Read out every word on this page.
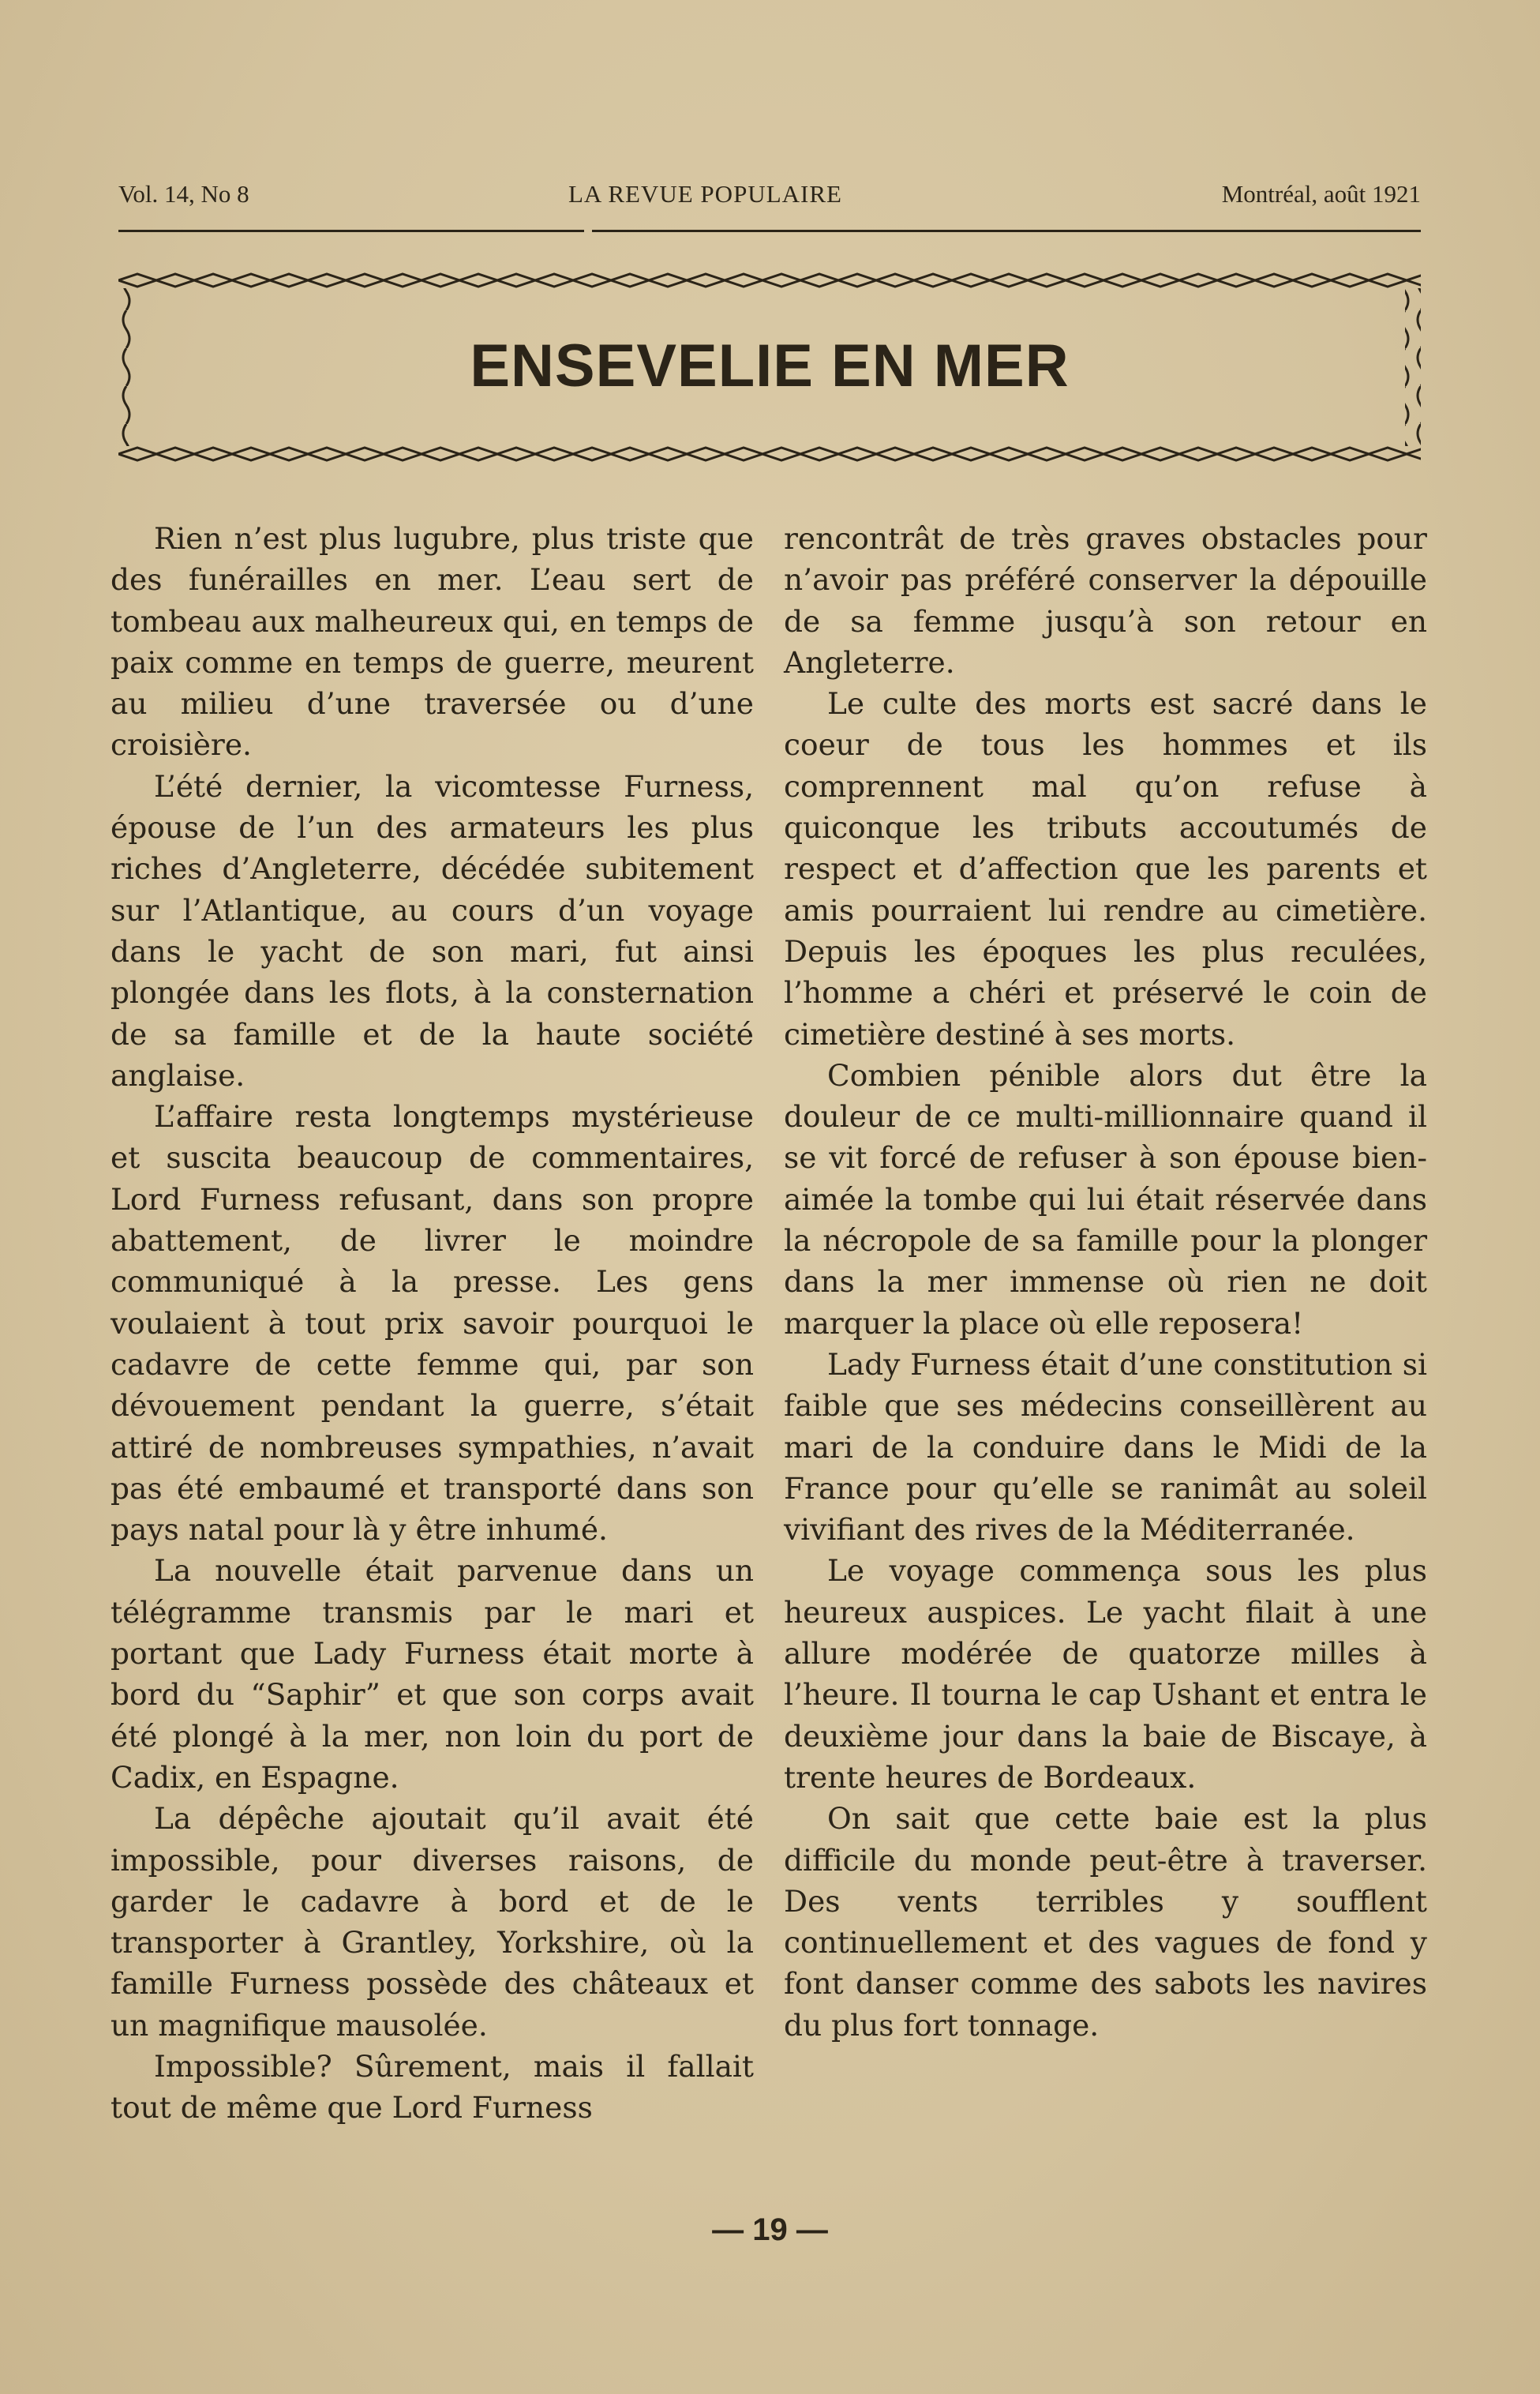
Vol. 14, No 8	LA REVUE POPULAIRE	Montréal, août 1921
ENSEVELIE EN MER

Rien n’est plus lugubre, plus triste que des funérailles en mer. L’eau sert de tombeau aux malheureux qui, en temps de paix comme en temps de guerre, meurent au milieu d’une traversée ou d’une croisière.

L’été dernier, la vicomtesse Furness, épouse de l’un des armateurs les plus riches d’Angleterre, décédée subitement sur l’Atlantique, au cours d’un voyage dans le yacht de son mari, fut ainsi plongée dans les flots, à la consternation de sa famille et de la haute société anglaise.

L’affaire resta longtemps mystérieuse et suscita beaucoup de commentaires, Lord Furness refusant, dans son propre abattement, de livrer le moindre communiqué à la presse. Les gens voulaient à tout prix savoir pourquoi le cadavre de cette femme qui, par son dévouement pendant la guerre, s’était attiré de nombreuses sympathies, n’avait pas été embaumé et transporté dans son pays natal pour là y être inhumé.

La nouvelle était parvenue dans un télégramme transmis par le mari et portant que Lady Furness était morte à bord du “Saphir” et que son corps avait été plongé à la mer, non loin du port de Cadix, en Espagne.

La dépêche ajoutait qu’il avait été impossible, pour diverses raisons, de garder le cadavre à bord et de le transporter à Grantley, Yorkshire, où la famille Furness possède des châteaux et un magnifique mausolée.

Impossible? Sûrement, mais il fallait tout de même que Lord Furness

rencontrât de très graves obstacles pour n’avoir pas préféré conserver la dépouille de sa femme jusqu’à son retour en Angleterre.

Le culte des morts est sacré dans le coeur de tous les hommes et ils comprennent mal qu’on refuse à quiconque les tributs accoutumés de respect et d’affection que les parents et amis pourraient lui rendre au cimetière. Depuis les époques les plus reculées, l’homme a chéri et préservé le coin de cimetière destiné à ses morts.

Combien pénible alors dut être la douleur de ce multi-millionnaire quand il se vit forcé de refuser à son épouse bien-aimée la tombe qui lui était réservée dans la nécropole de sa famille pour la plonger dans la mer immense où rien ne doit marquer la place où elle reposera!

Lady Furness était d’une constitution si faible que ses médecins conseillèrent au mari de la conduire dans le Midi de la France pour qu’elle se ranimât au soleil vivifiant des rives de la Méditerranée.

Le voyage commença sous les plus heureux auspices. Le yacht filait à une allure modérée de quatorze milles à l’heure. Il tourna le cap Ushant et entra le deuxième jour dans la baie de Biscaye, à trente heures de Bordeaux.

On sait que cette baie est la plus difficile du monde peut-être à traverser. Des vents terribles y soufflent continuellement et des vagues de fond y font danser comme des sabots les navires du plus fort tonnage.

— 19 —
